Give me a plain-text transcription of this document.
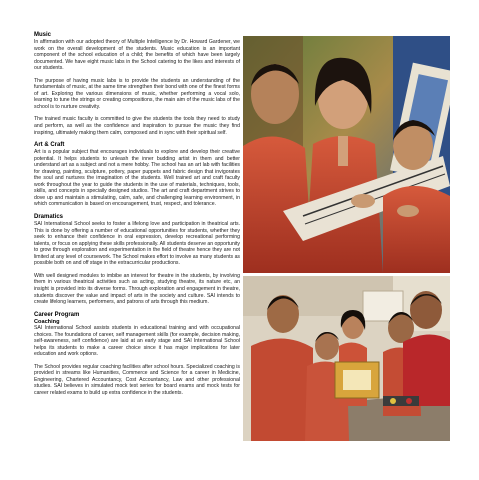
Music

In affirmation with our adopted theory of Multiple Intelligence by Dr. Howard Gardener, we work on the overall development of the students. Music education is an important component of the school education of a child; the benefits of which have been largely documented. We have eight music labs in the School catering to the likes and interests of our students.

The purpose of having music labs is to provide the students an understanding of the fundamentals of music, at the same time strengthen their bond with one of the finest forms of art. Exploring the various dimensions of music, whether performing a vocal solo, learning to tune the strings or creating compositions, the main aim of the music labs of the school is to nurture creativity.

The trained music faculty is committed to give the students the tools they need to study and perform, as well as the confidence and inspiration to pursue the music they find inspiring, ultimately making them calm, composed and in sync with their spiritual self.

Art & Craft

Art is a popular subject that encourages individuals to explore and develop their creative potential. It helps students to unleash the inner budding artist in them and better understand art as a subject and not a mere hobby. The school has an art lab with facilities for drawing, painting, sculpture, pottery, paper puppets and fabric design that invigorates the soul and nurtures the imagination of the students. Well trained art and craft faculty work throughout the year to guide the students in the use of materials, techniques, tools, skills, and concepts in specially designed studios. The art and craft department strives to dove up and maintain a stimulating, calm, safe, and challenging learning environment, in which communication is based on encouragement, trust, respect, and tolerance.

Dramatics

SAI International School seeks to foster a lifelong love and participation in theatrical arts. This is done by offering a number of educational opportunities for students, whether they seek to enhance their confidence in oral expression, develop recreational performing talents, or focus on applying these skills professionally. All students deserve an opportunity to grow through exploration and experimentation in the field of theatre hence they are not limited at any level of coursework. The School makes effort to involve as many students as possible both on and off stage in the extracurricular productions.

With well designed modules to imbibe an interest for theatre in the students, by involving them in various theatrical activities such as acting, studying theatre, its nature etc, an insight is provided into its diverse forms. Through exploration and engagement in theatre, students discover the value and impact of arts in the society and culture. SAI intends to create lifelong learners, performers, and patrons of arts through this medium.

Career Program
Coaching

SAI International School assists students in educational training and with occupational choices. The foundations of career, self management skills (for example, decision making, self-awareness, self confidence) are laid at an early stage and SAI International School helps its students to make a career choice since it has major implications for later education and work options.

The School provides regular coaching facilities after school hours. Specialized coaching is provided in streams like Humanities, Commerce and Science for a career in Medicine, Engineering, Chartered Accountancy, Cost Accountancy, Law and other professional studies. SAI believes in simulated mock test series for board exams and mock tests for career related exams to build up extra confidence in the students.
